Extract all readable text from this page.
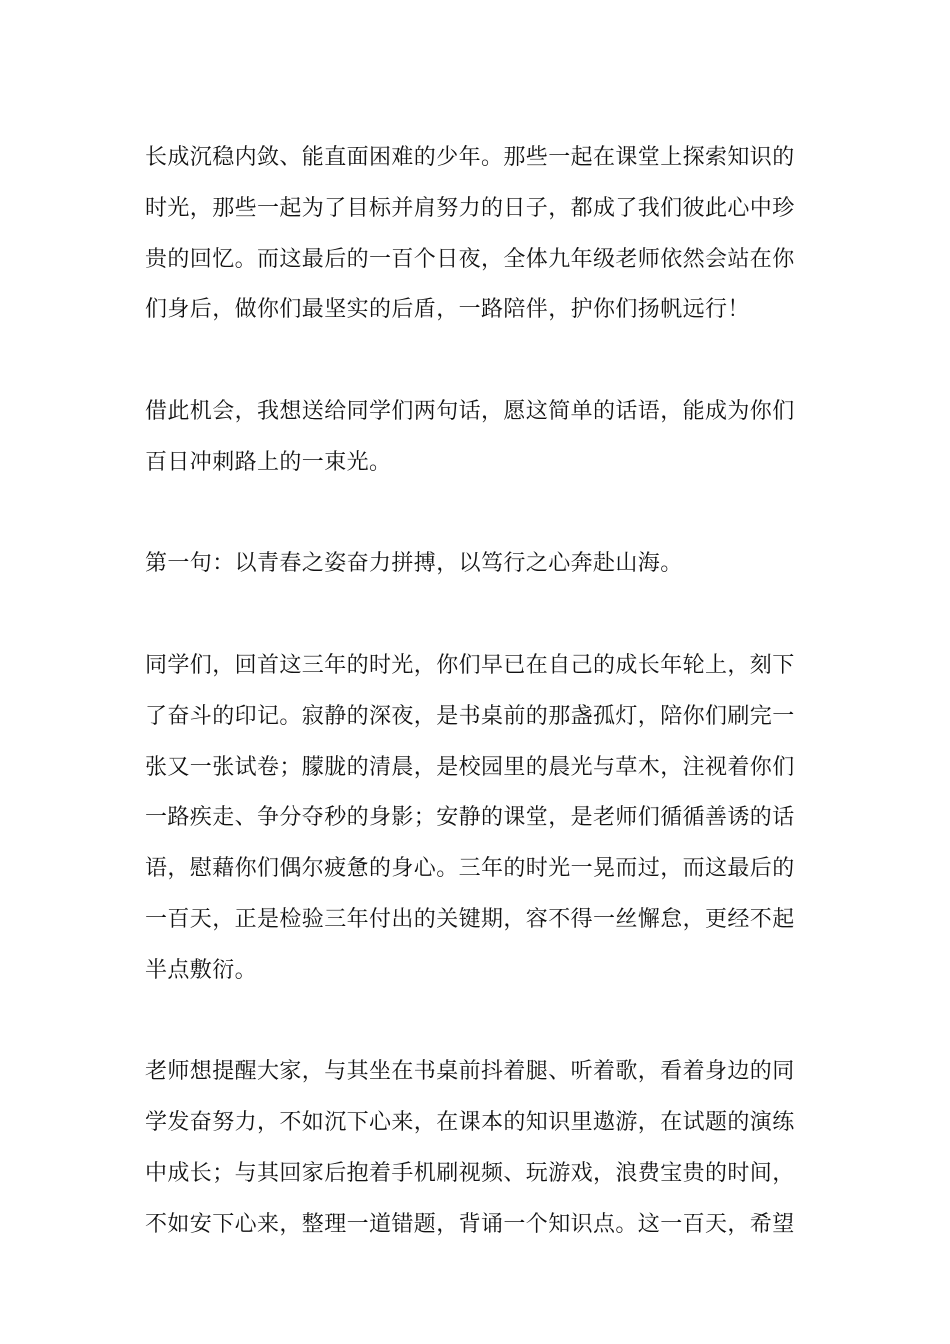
长成沉稳内敛、能直面困难的少年。那些一起在课堂上探索知识的
时光，那些一起为了目标并肩努力的日子，都成了我们彼此心中珍
贵的回忆。而这最后的一百个日夜，全体九年级老师依然会站在你
们身后，做你们最坚实的后盾，一路陪伴，护你们扬帆远行！
借此机会，我想送给同学们两句话，愿这简单的话语，能成为你们
百日冲刺路上的一束光。
第一句：以青春之姿奋力拼搏，以笃行之心奔赴山海。
同学们，回首这三年的时光，你们早已在自己的成长年轮上，刻下
了奋斗的印记。寂静的深夜，是书桌前的那盏孤灯，陪你们刷完一
张又一张试卷；朦胧的清晨，是校园里的晨光与草木，注视着你们
一路疾走、争分夺秒的身影；安静的课堂，是老师们循循善诱的话
语，慰藉你们偶尔疲惫的身心。三年的时光一晃而过，而这最后的
一百天，正是检验三年付出的关键期，容不得一丝懈怠，更经不起
半点敷衍。
老师想提醒大家，与其坐在书桌前抖着腿、听着歌，看着身边的同
学发奋努力，不如沉下心来，在课本的知识里遨游，在试题的演练
中成长；与其回家后抱着手机刷视频、玩游戏，浪费宝贵的时间，
不如安下心来，整理一道错题，背诵一个知识点。这一百天，希望
